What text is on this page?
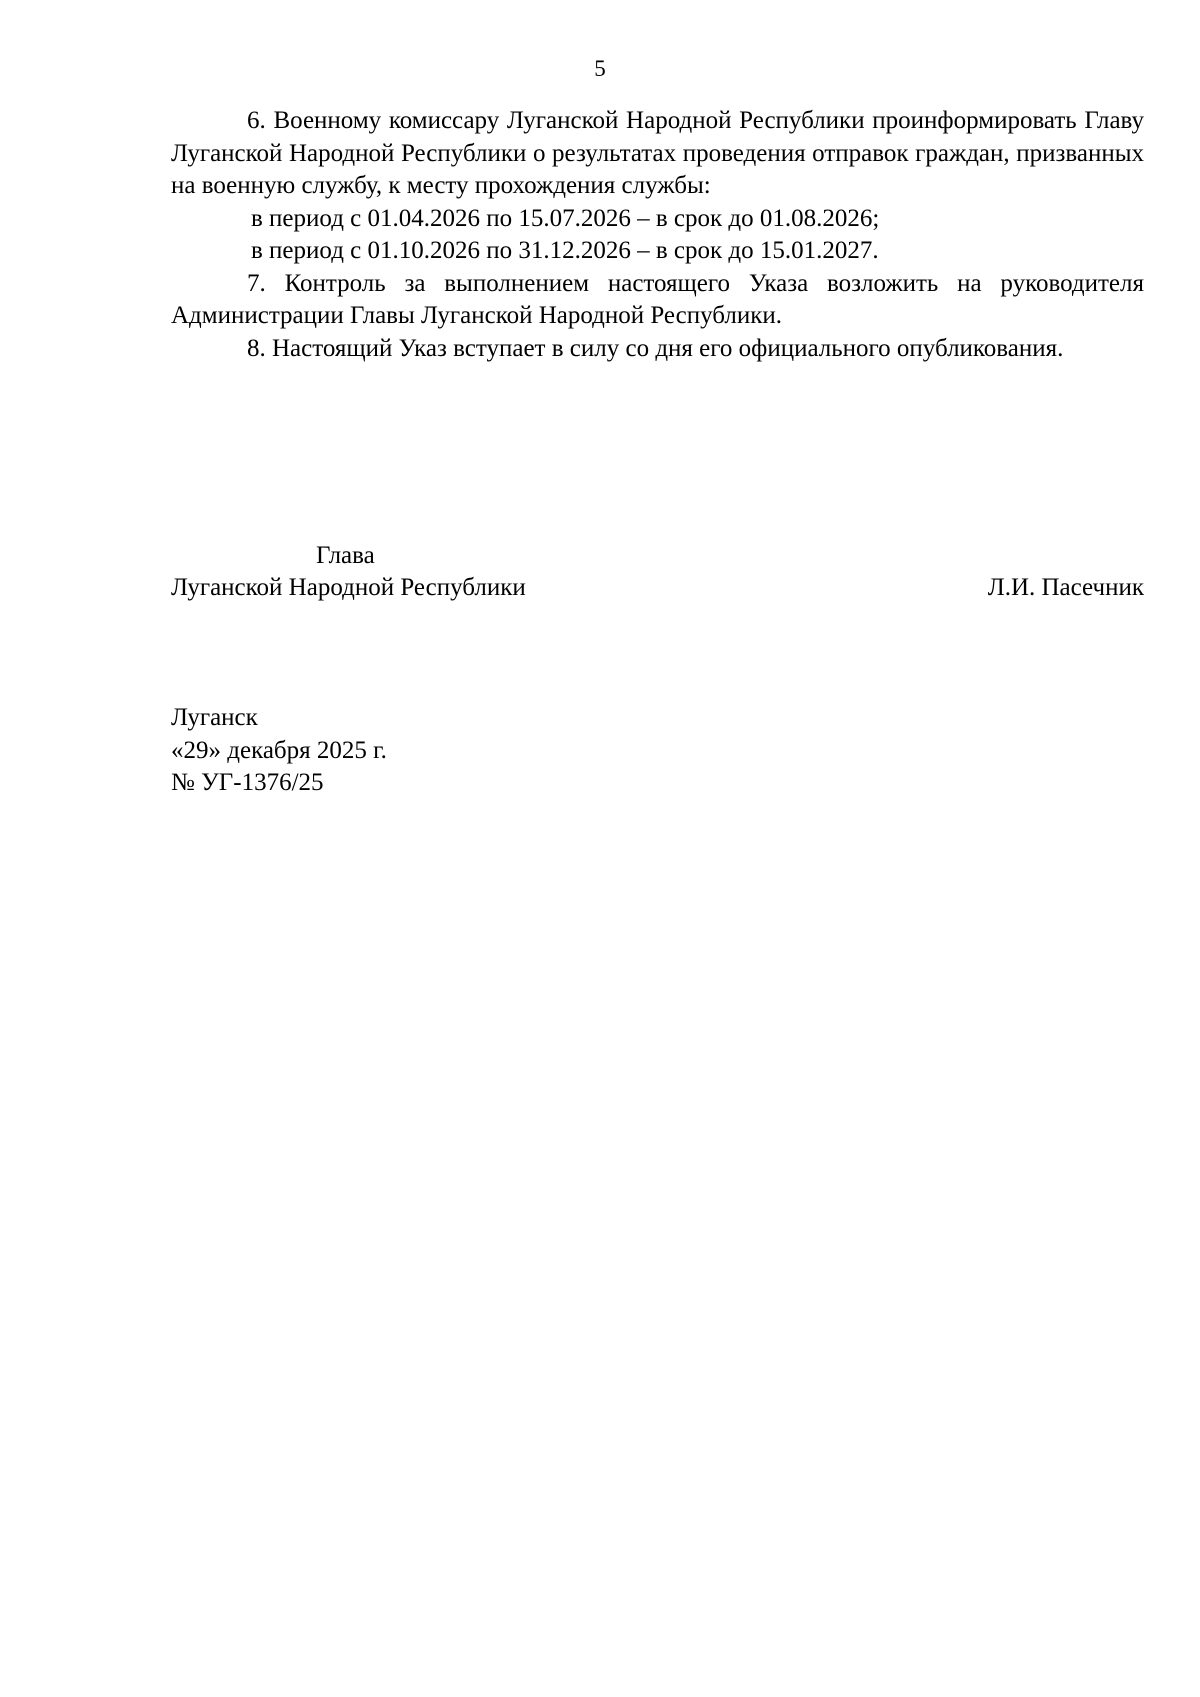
5

6. Военному комиссару Луганской Народной Республики проинформировать Главу Луганской Народной Республики о результатах проведения отправок граждан, призванных на военную службу, к месту прохождения службы:

в период с 01.04.2026 по 15.07.2026 – в срок до 01.08.2026;

в период с 01.10.2026 по 31.12.2026 – в срок до 15.01.2027.

7. Контроль за выполнением настоящего Указа возложить на руководителя Администрации Главы Луганской Народной Республики.

8. Настоящий Указ вступает в силу со дня его официального опубликования.

Глава
Луганской Народной Республики	Л.И. Пасечник
Луганск
«29» декабря 2025 г.
№ УГ-1376/25
